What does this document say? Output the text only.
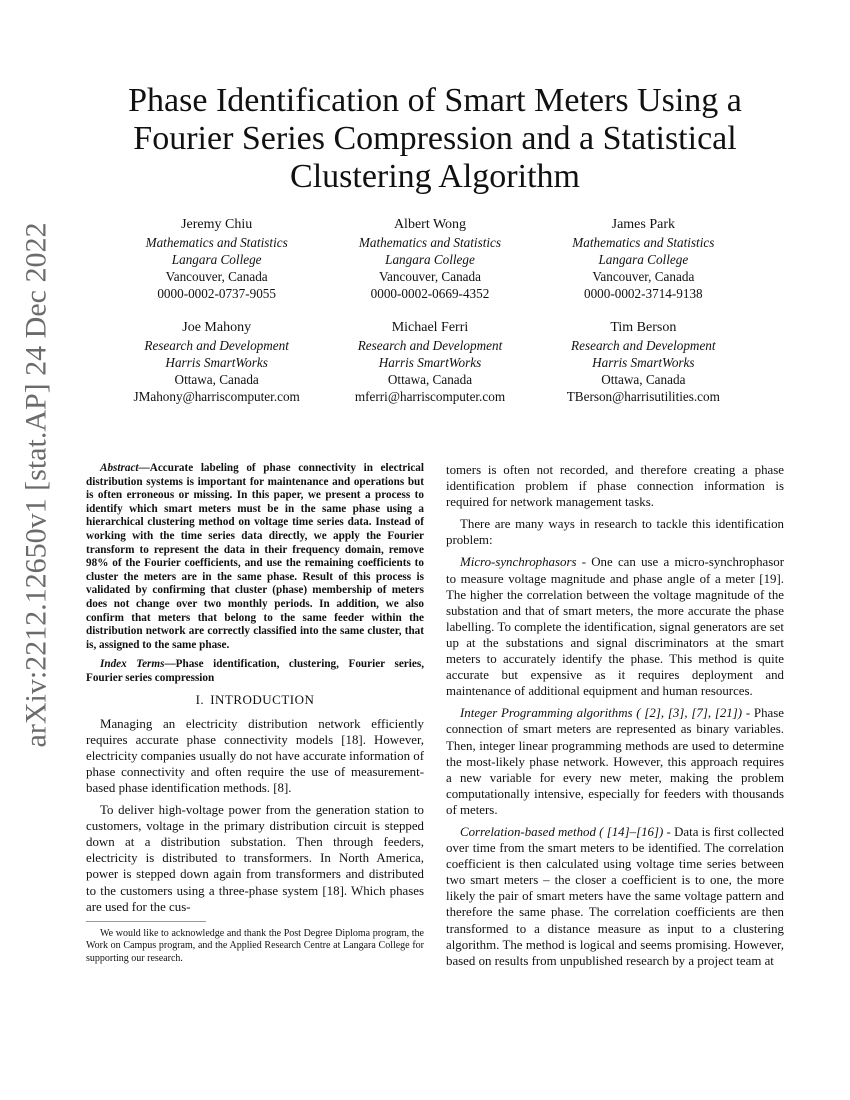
arXiv:2212.12650v1 [stat.AP] 24 Dec 2022
Phase Identification of Smart Meters Using a Fourier Series Compression and a Statistical Clustering Algorithm
Jeremy Chiu
Mathematics and Statistics
Langara College
Vancouver, Canada
0000-0002-0737-9055
Albert Wong
Mathematics and Statistics
Langara College
Vancouver, Canada
0000-0002-0669-4352
James Park
Mathematics and Statistics
Langara College
Vancouver, Canada
0000-0002-3714-9138
Joe Mahony
Research and Development
Harris SmartWorks
Ottawa, Canada
JMahony@harriscomputer.com
Michael Ferri
Research and Development
Harris SmartWorks
Ottawa, Canada
mferri@harriscomputer.com
Tim Berson
Research and Development
Harris SmartWorks
Ottawa, Canada
TBerson@harrisutilities.com

Abstract—Accurate labeling of phase connectivity in electrical distribution systems is important for maintenance and operations but is often erroneous or missing. In this paper, we present a process to identify which smart meters must be in the same phase using a hierarchical clustering method on voltage time series data. Instead of working with the time series data directly, we apply the Fourier transform to represent the data in their frequency domain, remove 98% of the Fourier coefficients, and use the remaining coefficients to cluster the meters are in the same phase. Result of this process is validated by confirming that cluster (phase) membership of meters does not change over two monthly periods. In addition, we also confirm that meters that belong to the same feeder within the distribution network are correctly classified into the same cluster, that is, assigned to the same phase.

Index Terms—Phase identification, clustering, Fourier series, Fourier series compression

I. INTRODUCTION

Managing an electricity distribution network efficiently requires accurate phase connectivity models [18]. However, electricity companies usually do not have accurate information of phase connectivity and often require the use of measurement-based phase identification methods. [8].

To deliver high-voltage power from the generation station to customers, voltage in the primary distribution circuit is stepped down at a distribution substation. Then through feeders, electricity is distributed to transformers. In North America, power is stepped down again from transformers and distributed to the customers using a three-phase system [18]. Which phases are used for the cus-

We would like to acknowledge and thank the Post Degree Diploma program, the Work on Campus program, and the Applied Research Centre at Langara College for supporting our research.

tomers is often not recorded, and therefore creating a phase identification problem if phase connection information is required for network management tasks.

There are many ways in research to tackle this identification problem:

Micro-synchrophasors - One can use a micro-synchrophasor to measure voltage magnitude and phase angle of a meter [19]. The higher the correlation between the voltage magnitude of the substation and that of smart meters, the more accurate the phase labelling. To complete the identification, signal generators are set up at the substations and signal discriminators at the smart meters to accurately identify the phase. This method is quite accurate but expensive as it requires deployment and maintenance of additional equipment and human resources.

Integer Programming algorithms ( [2], [3], [7], [21]) - Phase connection of smart meters are represented as binary variables. Then, integer linear programming methods are used to determine the most-likely phase network. However, this approach requires a new variable for every new meter, making the problem computationally intensive, especially for feeders with thousands of meters.

Correlation-based method ( [14]–[16]) - Data is first collected over time from the smart meters to be identified. The correlation coefficient is then calculated using voltage time series between two smart meters – the closer a coefficient is to one, the more likely the pair of smart meters have the same voltage pattern and therefore the same phase. The correlation coefficients are then transformed to a distance measure as input to a clustering algorithm. The method is logical and seems promising. However, based on results from unpublished research by a project team at
